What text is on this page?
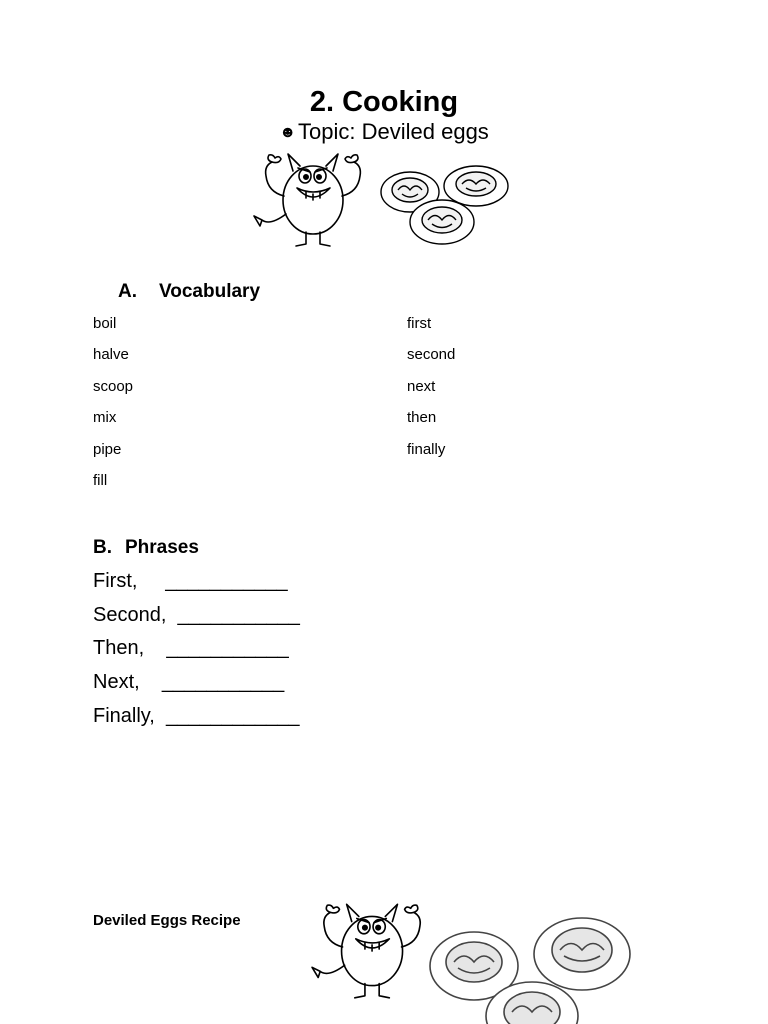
2. Cooking
☻Topic: Deviled eggs
A. Vocabulary
boil
halve
scoop
mix
pipe
fill
first
second
next
then
finally
B. Phrases
First,     ___________
Second,  ___________
Then,    ___________
Next,    ___________
Finally,  ____________
Deviled Eggs Recipe
